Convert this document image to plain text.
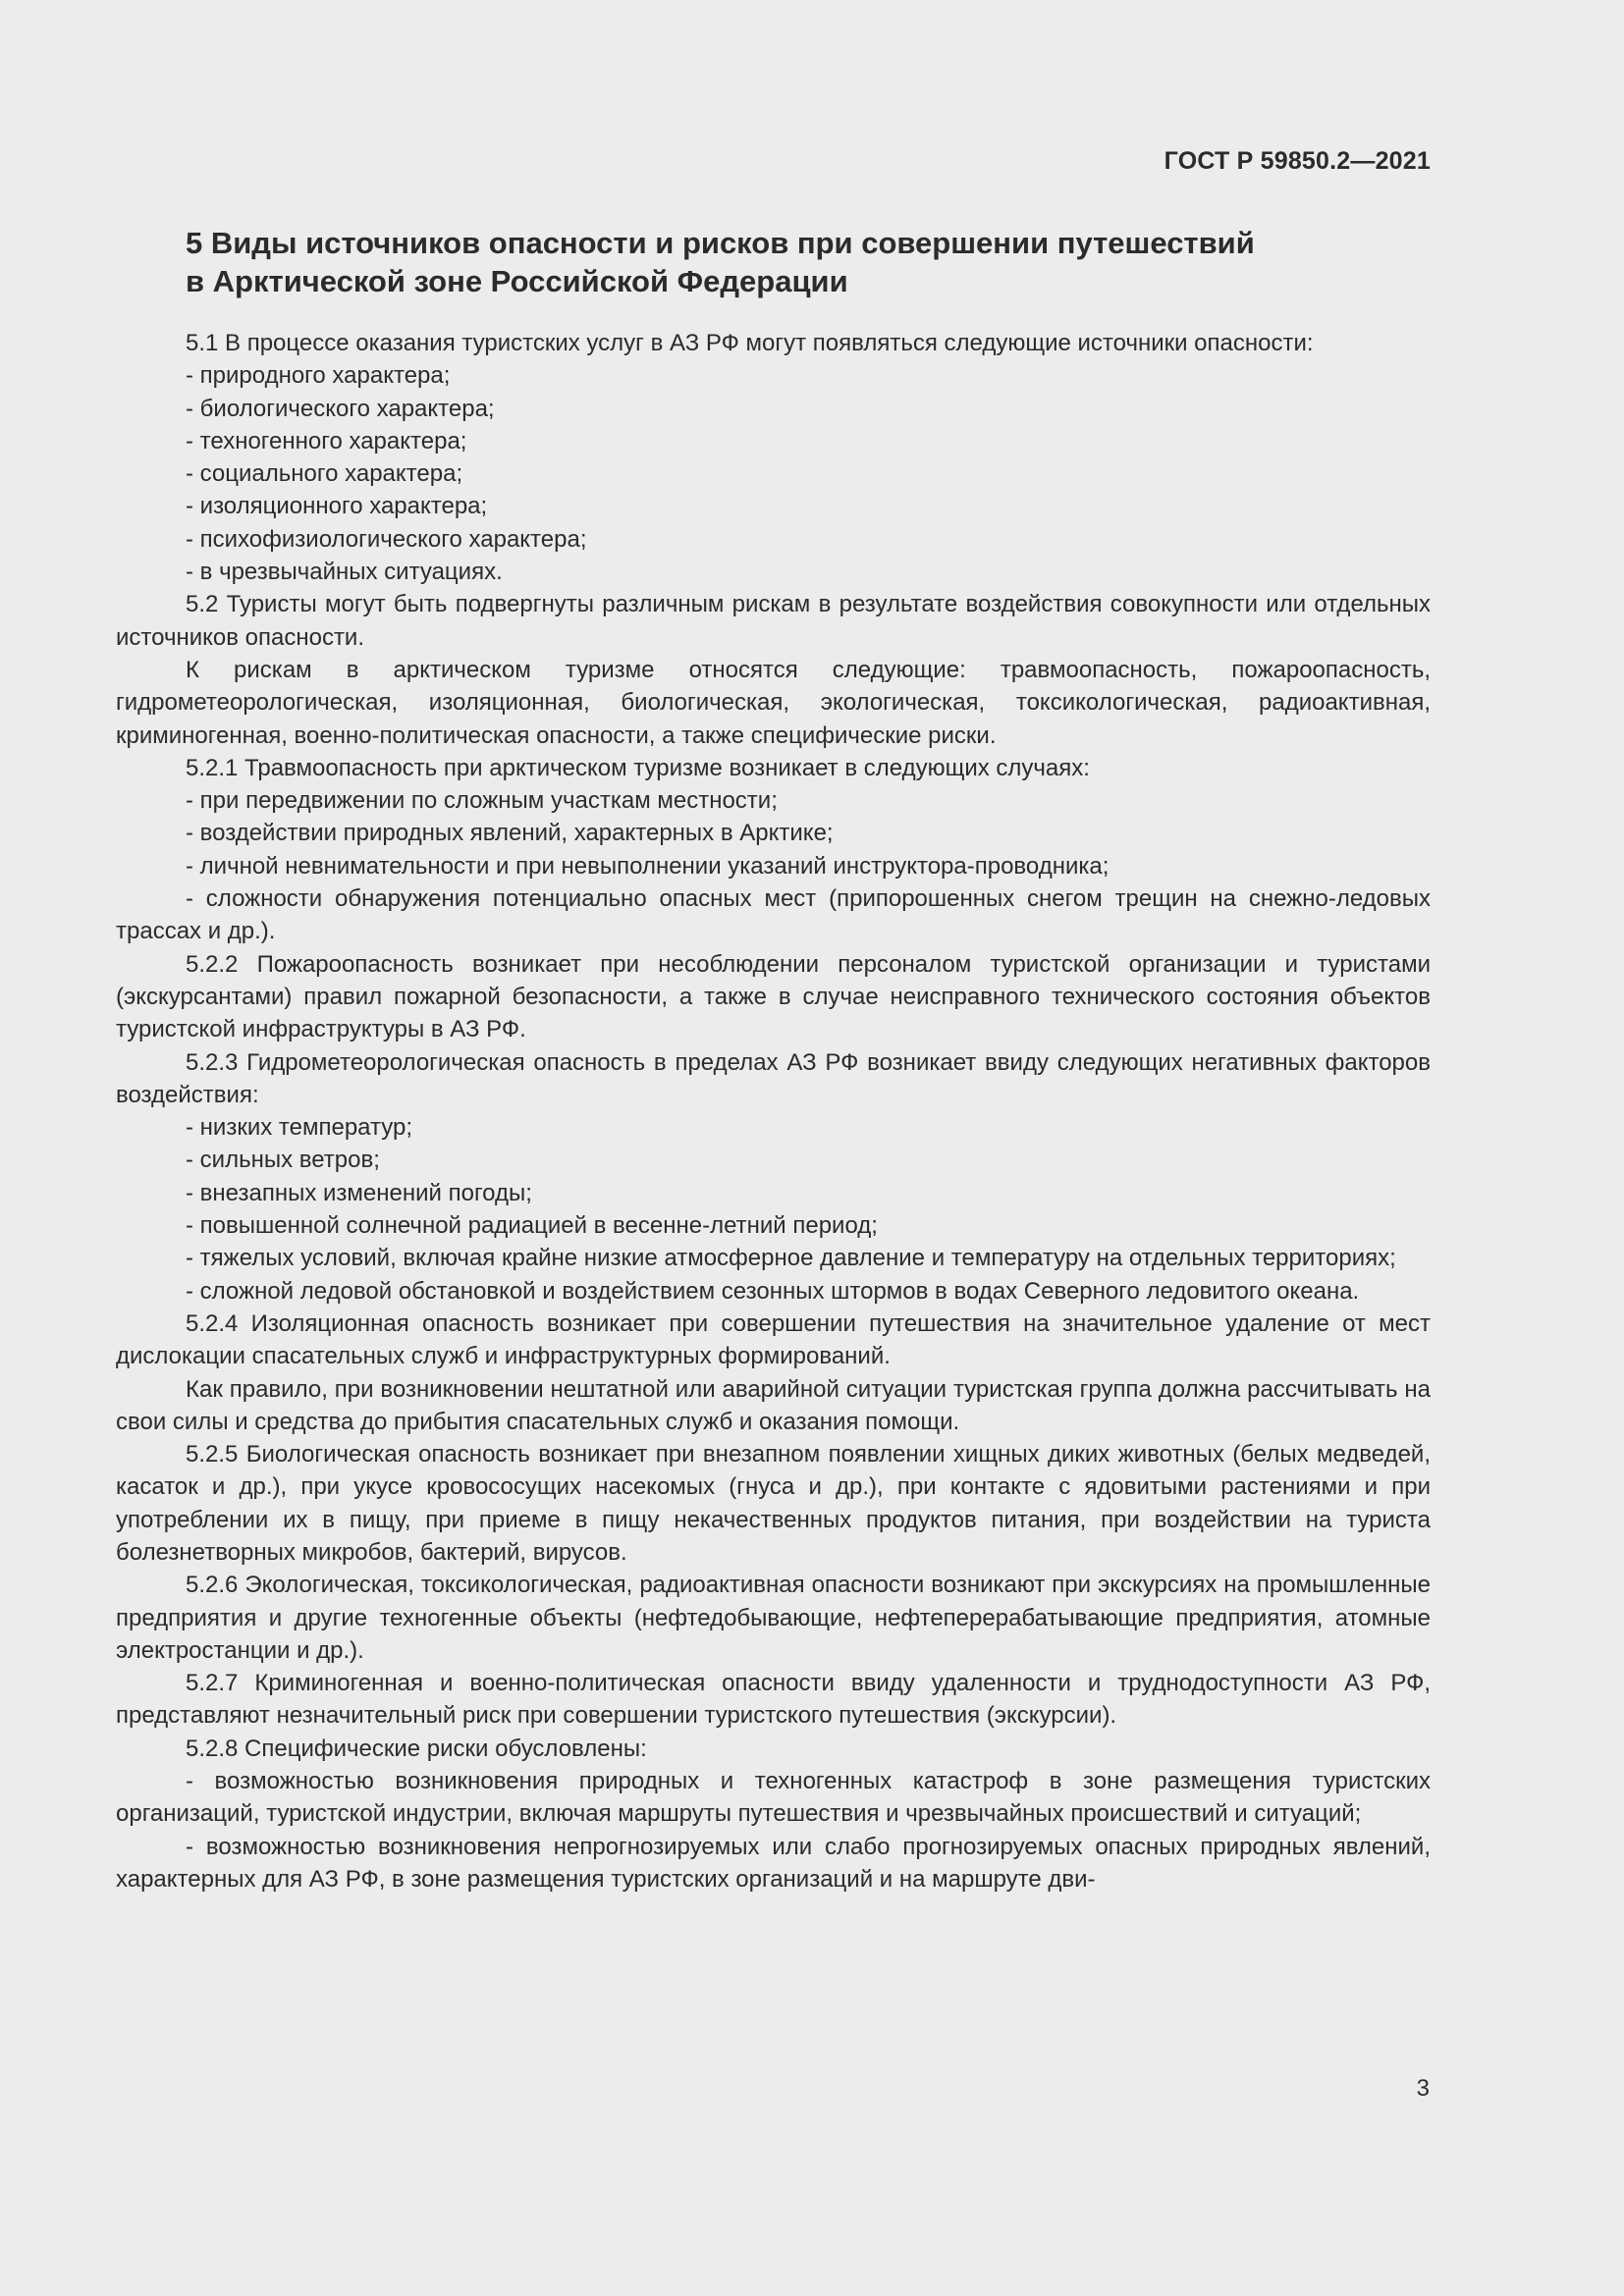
ГОСТ Р 59850.2—2021
5 Виды источников опасности и рисков при совершении путешествий
в Арктической зоне Российской Федерации

5.1 В процессе оказания туристских услуг в АЗ РФ могут появляться следующие источники опасности:

- природного характера;

- биологического характера;

- техногенного характера;

- социального характера;

- изоляционного характера;

- психофизиологического характера;

- в чрезвычайных ситуациях.

5.2 Туристы могут быть подвергнуты различным рискам в результате воздействия совокупности или отдельных источников опасности.

К рискам в арктическом туризме относятся следующие: травмоопасность, пожароопасность, гидрометеорологическая, изоляционная, биологическая, экологическая, токсикологическая, радиоактивная, криминогенная, военно-политическая опасности, а также специфические риски.

5.2.1 Травмоопасность при арктическом туризме возникает в следующих случаях:

- при передвижении по сложным участкам местности;

- воздействии природных явлений, характерных в Арктике;

- личной невнимательности и при невыполнении указаний инструктора-проводника;

- сложности обнаружения потенциально опасных мест (припорошенных снегом трещин на снежно-ледовых трассах и др.).

5.2.2 Пожароопасность возникает при несоблюдении персоналом туристской организации и туристами (экскурсантами) правил пожарной безопасности, а также в случае неисправного технического состояния объектов туристской инфраструктуры в АЗ РФ.

5.2.3 Гидрометеорологическая опасность в пределах АЗ РФ возникает ввиду следующих негативных факторов воздействия:

- низких температур;

- сильных ветров;

- внезапных изменений погоды;

- повышенной солнечной радиацией в весенне-летний период;

- тяжелых условий, включая крайне низкие атмосферное давление и температуру на отдельных территориях;

- сложной ледовой обстановкой и воздействием сезонных штормов в водах Северного ледовитого океана.

5.2.4 Изоляционная опасность возникает при совершении путешествия на значительное удаление от мест дислокации спасательных служб и инфраструктурных формирований.

Как правило, при возникновении нештатной или аварийной ситуации туристская группа должна рассчитывать на свои силы и средства до прибытия спасательных служб и оказания помощи.

5.2.5 Биологическая опасность возникает при внезапном появлении хищных диких животных (белых медведей, касаток и др.), при укусе кровососущих насекомых (гнуса и др.), при контакте с ядовитыми растениями и при употреблении их в пищу, при приеме в пищу некачественных продуктов питания, при воздействии на туриста болезнетворных микробов, бактерий, вирусов.

5.2.6 Экологическая, токсикологическая, радиоактивная опасности возникают при экскурсиях на промышленные предприятия и другие техногенные объекты (нефтедобывающие, нефтеперерабатывающие предприятия, атомные электростанции и др.).

5.2.7 Криминогенная и военно-политическая опасности ввиду удаленности и труднодоступности АЗ РФ, представляют незначительный риск при совершении туристского путешествия (экскурсии).

5.2.8 Специфические риски обусловлены:

- возможностью возникновения природных и техногенных катастроф в зоне размещения туристских организаций, туристской индустрии, включая маршруты путешествия и чрезвычайных происшествий и ситуаций;

- возможностью возникновения непрогнозируемых или слабо прогнозируемых опасных природных явлений, характерных для АЗ РФ, в зоне размещения туристских организаций и на маршруте дви-

3
